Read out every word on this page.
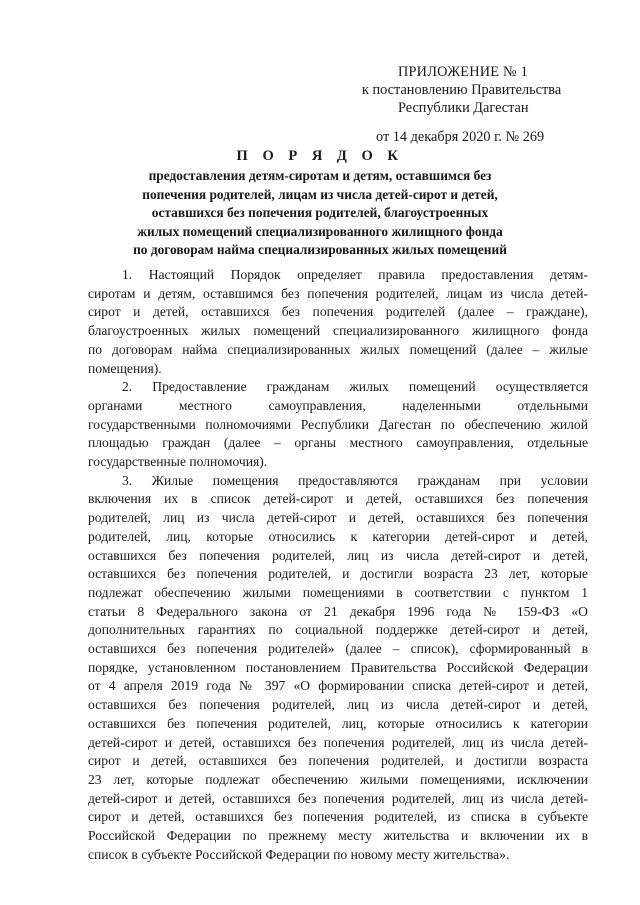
ПРИЛОЖЕНИЕ № 1
к постановлению Правительства
Республики Дагестан
от 14 декабря 2020 г. № 269
П О Р Я Д О К
предоставления детям-сиротам и детям, оставшимся без
попечения родителей, лицам из числа детей-сирот и детей,
оставшихся без попечения родителей, благоустроенных
жилых помещений специализированного жилищного фонда
по договорам найма специализированных жилых помещений
1. Настоящий Порядок определяет правила предоставления детям-
сиротам и детям, оставшимся без попечения родителей, лицам из числа детей-
сирот и детей, оставшихся без попечения родителей (далее – граждане),
благоустроенных жилых помещений специализированного жилищного фонда
по договорам найма специализированных жилых помещений (далее – жилые
помещения).
2. Предоставление гражданам жилых помещений осуществляется
органами местного самоуправления, наделенными отдельными
государственными полномочиями Республики Дагестан по обеспечению жилой
площадью граждан (далее – органы местного самоуправления, отдельные
государственные полномочия).
3. Жилые помещения предоставляются гражданам при условии
включения их в список детей-сирот и детей, оставшихся без попечения
родителей, лиц из числа детей-сирот и детей, оставшихся без попечения
родителей, лиц, которые относились к категории детей-сирот и детей,
оставшихся без попечения родителей, лиц из числа детей-сирот и детей,
оставшихся без попечения родителей, и достигли возраста 23 лет, которые
подлежат обеспечению жилыми помещениями в соответствии с пунктом 1
статьи 8 Федерального закона от 21 декабря 1996 года № 159-ФЗ «О
дополнительных гарантиях по социальной поддержке детей-сирот и детей,
оставшихся без попечения родителей» (далее – список), сформированный в
порядке, установленном постановлением Правительства Российской Федерации
от 4 апреля 2019 года № 397 «О формировании списка детей-сирот и детей,
оставшихся без попечения родителей, лиц из числа детей-сирот и детей,
оставшихся без попечения родителей, лиц, которые относились к категории
детей-сирот и детей, оставшихся без попечения родителей, лиц из числа детей-
сирот и детей, оставшихся без попечения родителей, и достигли возраста
23 лет, которые подлежат обеспечению жилыми помещениями, исключении
детей-сирот и детей, оставшихся без попечения родителей, лиц из числа детей-
сирот и детей, оставшихся без попечения родителей, из списка в субъекте
Российской Федерации по прежнему месту жительства и включении их в
список в субъекте Российской Федерации по новому месту жительства».
